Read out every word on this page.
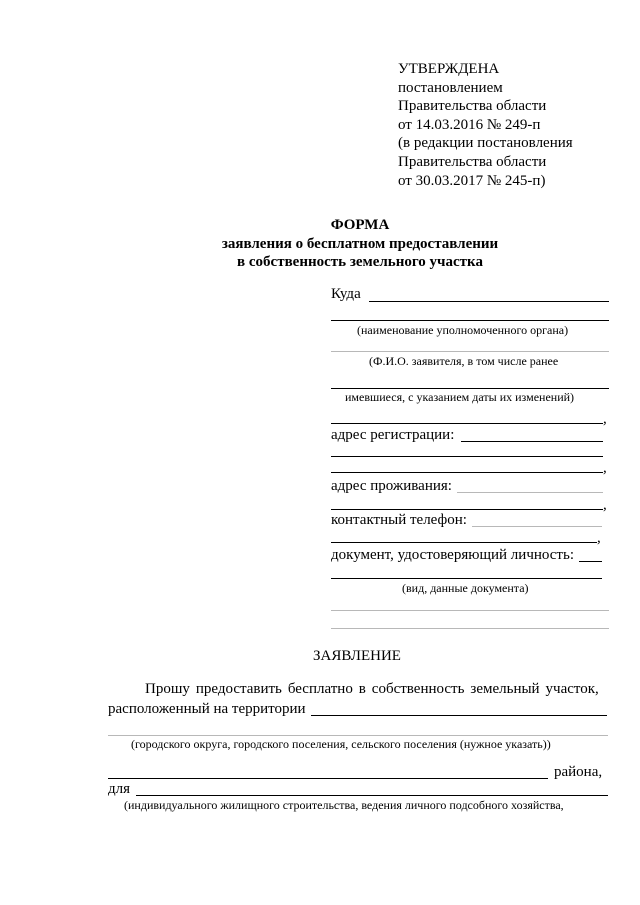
УТВЕРЖДЕНА
постановлением
Правительства области
от 14.03.2016 № 249-п
(в редакции постановления
Правительства области
от 30.03.2017 № 245-п)
ФОРМА
заявления о бесплатном предоставлении
в собственность земельного участка
Куда
(наименование уполномоченного органа)
(Ф.И.О. заявителя, в том числе ранее
имевшиеся, с указанием даты их изменений)
,
адрес регистрации:
,
адрес проживания:
,
контактный телефон:
,
документ, удостоверяющий личность:
(вид, данные документа)
ЗАЯВЛЕНИЕ
Прошу предоставить бесплатно в собственность земельный участок,
расположенный на территории
(городского округа, городского поселения, сельского поселения (нужное указать))
района,
для
(индивидуального жилищного строительства, ведения личного подсобного хозяйства,
